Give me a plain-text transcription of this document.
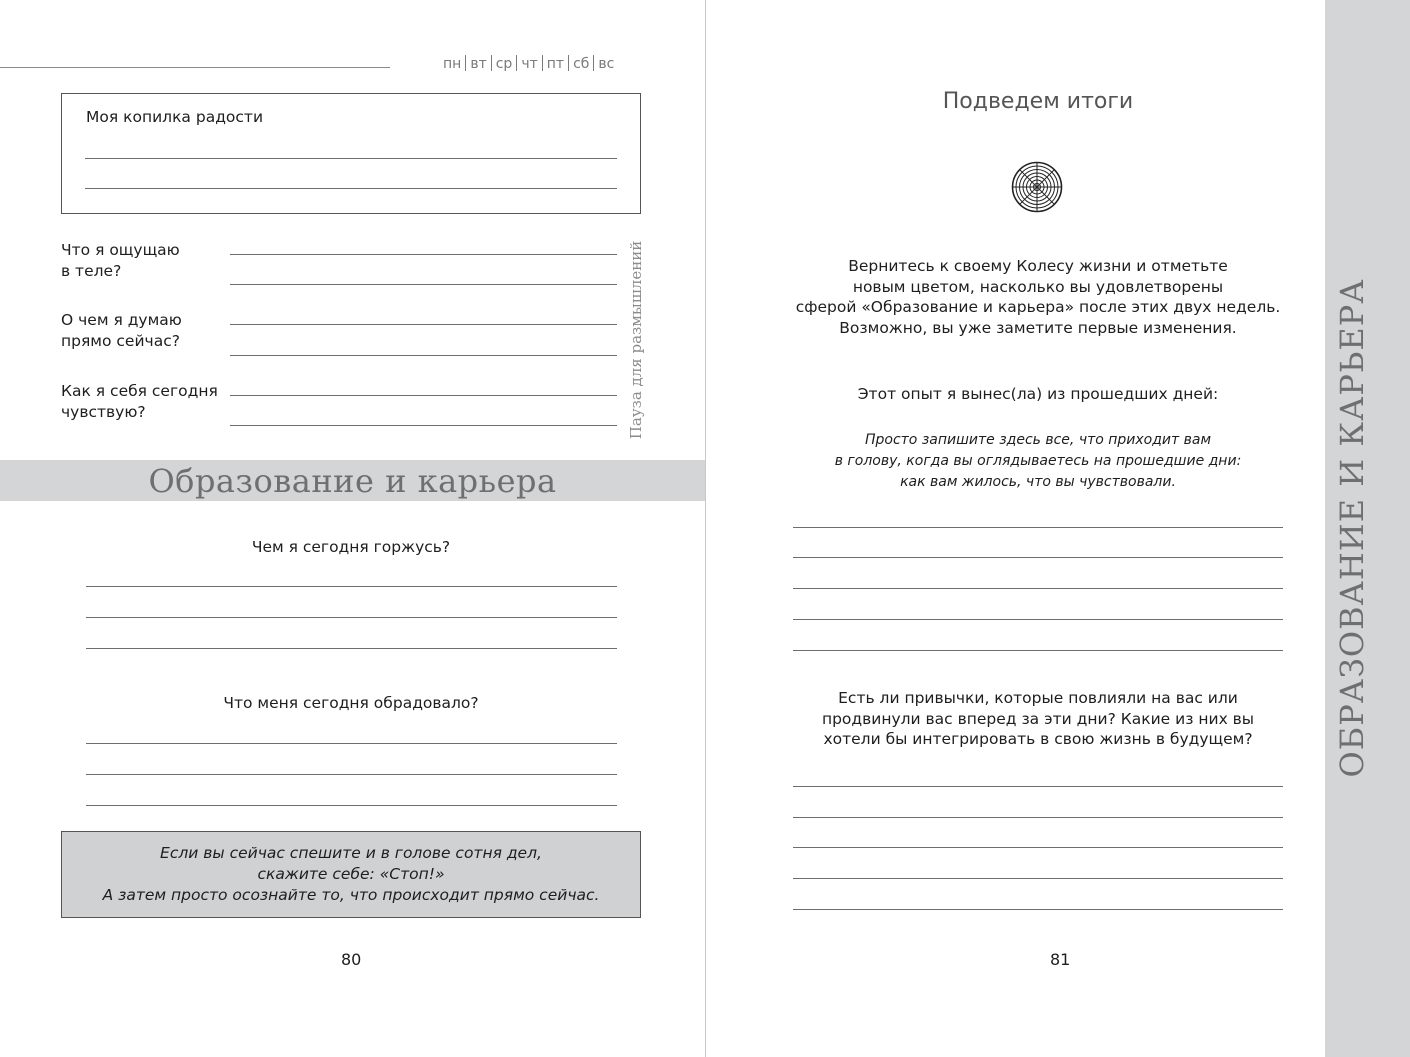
пн вт ср чт пт сб вс
Моя копилка радости
Что я ощущаю
в теле?
О чем я думаю
прямо сейчас?
Как я себя сегодня
чувствую?	Пауза для размышлений
Образование и карьера
Чем я сегодня горжусь?
Что меня сегодня обрадовало?
Если вы сейчас спешите и в голове сотня дел,
скажите себе: «Стоп!»
А затем просто осознайте то, что происходит прямо сейчас.
80
Подведем итоги
81
Вернитесь к своему Колесу жизни и отметьте
новым цветом, насколько вы удовлетворены
сферой «Образование и карьера» после этих двух недель.
Возможно, вы уже заметите первые изменения.
Этот опыт я вынес(ла) из прошедших дней:
Просто запишите здесь все, что приходит вам
в голову, когда вы оглядываетесь на прошедшие дни:
как вам жилось, что вы чувствовали.
Есть ли привычки, которые повлияли на вас или
продвинули вас вперед за эти дни? Какие из них вы
хотели бы интегрировать в свою жизнь в будущем?	ОБРАЗОВАНИЕ И КАРЬЕРА
